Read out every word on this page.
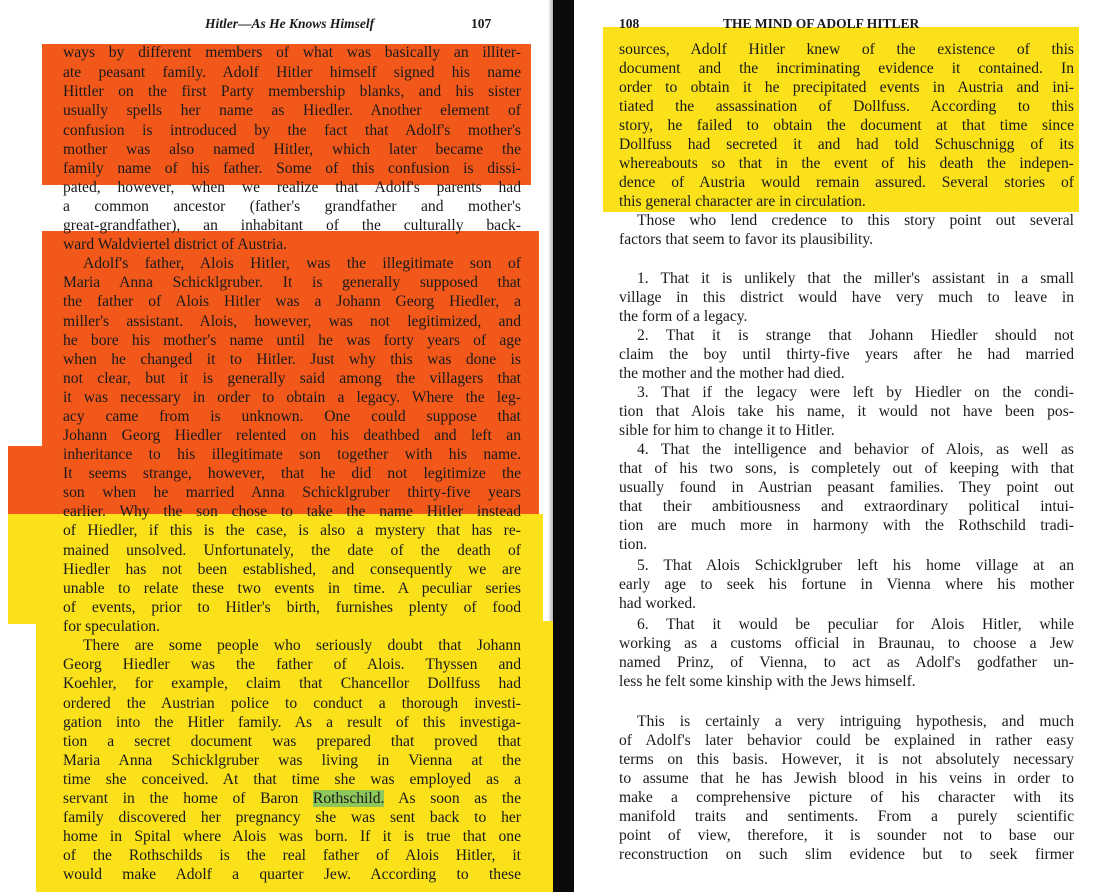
Hitler—As He Knows Himself	107	108	THE MIND OF ADOLF HITLER
ways by different members of what was basically an illiter-
ate peasant family. Adolf Hitler himself signed his name
Hittler on the first Party membership blanks, and his sister
usually spells her name as Hiedler. Another element of
confusion is introduced by the fact that Adolf's mother's
mother was also named Hitler, which later became the
family name of his father. Some of this confusion is dissi-
pated, however, when we realize that Adolf's parents had
a common ancestor (father's grandfather and mother's
great-grandfather), an inhabitant of the culturally back-
ward Waldviertel district of Austria.
Adolf's father, Alois Hitler, was the illegitimate son of
Maria Anna Schicklgruber. It is generally supposed that
the father of Alois Hitler was a Johann Georg Hiedler, a
miller's assistant. Alois, however, was not legitimized, and
he bore his mother's name until he was forty years of age
when he changed it to Hitler. Just why this was done is
not clear, but it is generally said among the villagers that
it was necessary in order to obtain a legacy. Where the leg-
acy came from is unknown. One could suppose that
Johann Georg Hiedler relented on his deathbed and left an
inheritance to his illegitimate son together with his name.
It seems strange, however, that he did not legitimize the
son when he married Anna Schicklgruber thirty-five years
earlier. Why the son chose to take the name Hitler instead
of Hiedler, if this is the case, is also a mystery that has re-
mained unsolved. Unfortunately, the date of the death of
Hiedler has not been established, and consequently we are
unable to relate these two events in time. A peculiar series
of events, prior to Hitler's birth, furnishes plenty of food
for speculation.
There are some people who seriously doubt that Johann
Georg Hiedler was the father of Alois. Thyssen and
Koehler, for example, claim that Chancellor Dollfuss had
ordered the Austrian police to conduct a thorough investi-
gation into the Hitler family. As a result of this investiga-
tion a secret document was prepared that proved that
Maria Anna Schicklgruber was living in Vienna at the
time she conceived. At that time she was employed as a
servant in the home of Baron Rothschild. As soon as the
family discovered her pregnancy she was sent back to her
home in Spital where Alois was born. If it is true that one
of the Rothschilds is the real father of Alois Hitler, it
would make Adolf a quarter Jew. According to these
sources, Adolf Hitler knew of the existence of this
document and the incriminating evidence it contained. In
order to obtain it he precipitated events in Austria and ini-
tiated the assassination of Dollfuss. According to this
story, he failed to obtain the document at that time since
Dollfuss had secreted it and had told Schuschnigg of its
whereabouts so that in the event of his death the indepen-
dence of Austria would remain assured. Several stories of
this general character are in circulation.
Those who lend credence to this story point out several
factors that seem to favor its plausibility.
1. That it is unlikely that the miller's assistant in a small
village in this district would have very much to leave in
the form of a legacy.
2. That it is strange that Johann Hiedler should not
claim the boy until thirty-five years after he had married
the mother and the mother had died.
3. That if the legacy were left by Hiedler on the condi-
tion that Alois take his name, it would not have been pos-
sible for him to change it to Hitler.
4. That the intelligence and behavior of Alois, as well as
that of his two sons, is completely out of keeping with that
usually found in Austrian peasant families. They point out
that their ambitiousness and extraordinary political intui-
tion are much more in harmony with the Rothschild tradi-
tion.
5. That Alois Schicklgruber left his home village at an
early age to seek his fortune in Vienna where his mother
had worked.
6. That it would be peculiar for Alois Hitler, while
working as a customs official in Braunau, to choose a Jew
named Prinz, of Vienna, to act as Adolf's godfather un-
less he felt some kinship with the Jews himself.
This is certainly a very intriguing hypothesis, and much
of Adolf's later behavior could be explained in rather easy
terms on this basis. However, it is not absolutely necessary
to assume that he has Jewish blood in his veins in order to
make a comprehensive picture of his character with its
manifold traits and sentiments. From a purely scientific
point of view, therefore, it is sounder not to base our
reconstruction on such slim evidence but to seek firmer
